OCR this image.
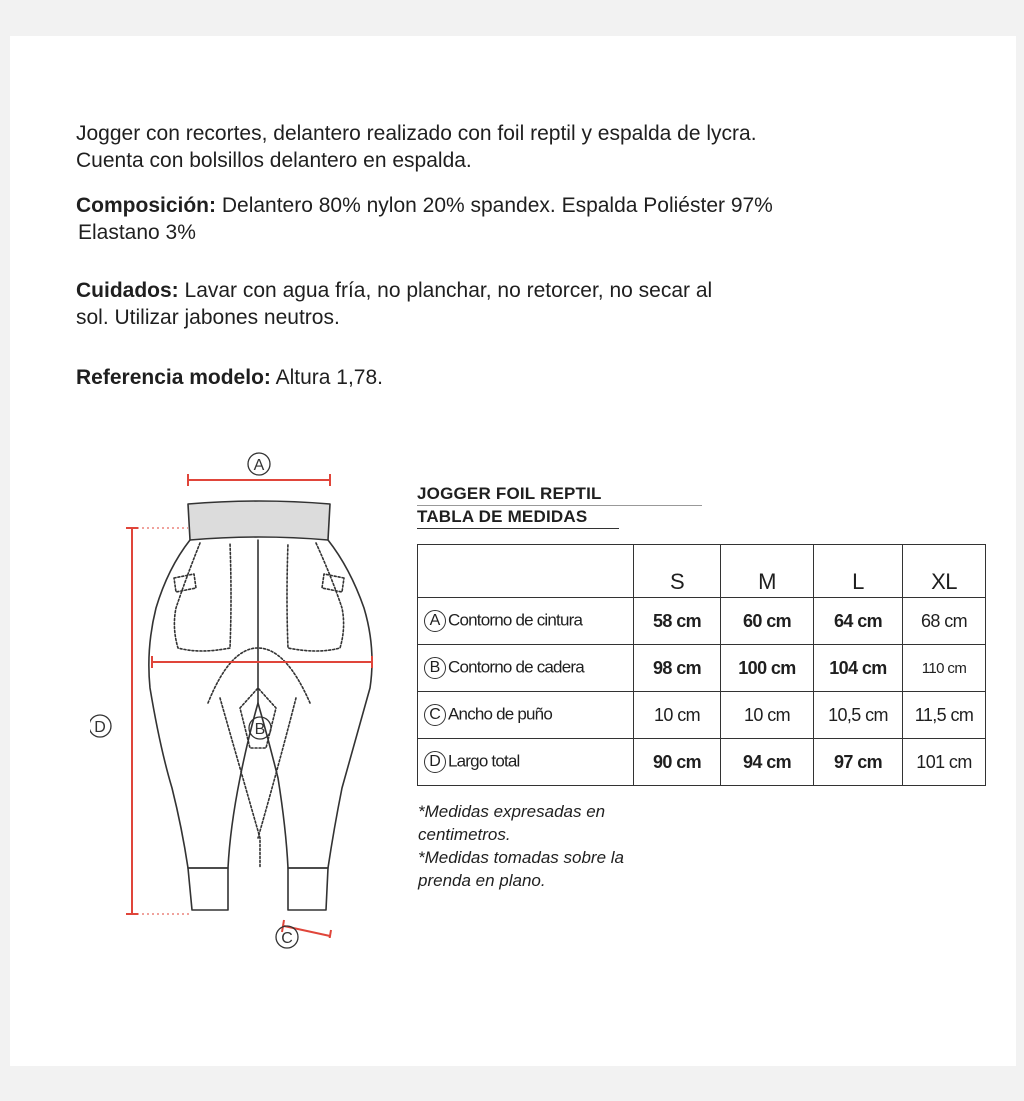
Jogger con recortes, delantero realizado con foil reptil y espalda de lycra.

Cuenta con bolsillos delantero en espalda.

Composición: Delantero 80% nylon 20% spandex. Espalda Poliéster 97%

Elastano 3%

Cuidados: Lavar con agua fría, no planchar, no retorcer, no secar al

sol. Utilizar jabones neutros.

Referencia modelo: Altura 1,78.

A
B
D
C
JOGGER FOIL REPTIL
TABLA DE MEDIDAS
	S	M	L	XL
A Contorno de cintura	58 cm	60 cm	64 cm	68 cm
B Contorno de cadera	98 cm	100 cm	104 cm	110 cm
C Ancho de puño	10 cm	10 cm	10,5 cm	11,5 cm
D Largo total	90 cm	94 cm	97 cm	101 cm

*Medidas expresadas en

centimetros.

*Medidas tomadas sobre la

prenda en plano.
